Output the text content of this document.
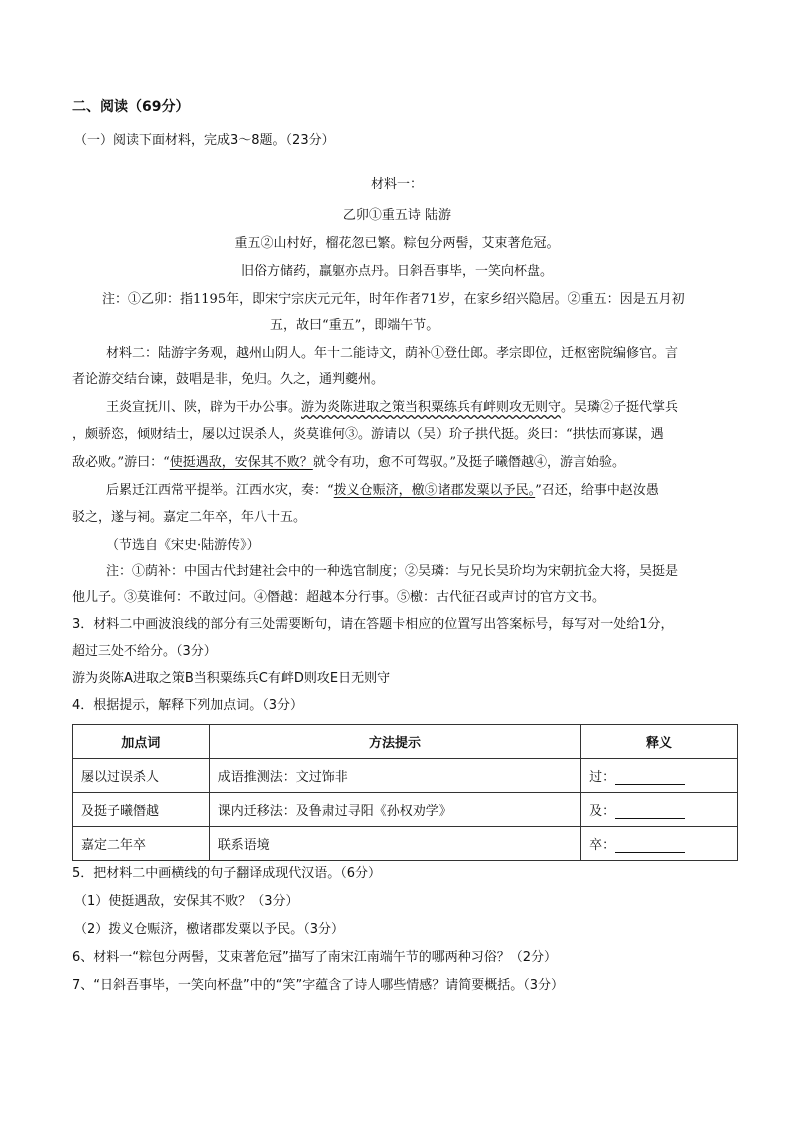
二、阅读（69分）
（一）阅读下面材料，完成3～8题。（23分）
材料一：
乙卯①重五诗 陆游
重五②山村好，榴花忽已繁。粽包分两髻，艾束著危冠。
旧俗方储药，羸躯亦点丹。日斜吾事毕，一笑向杯盘。
注：①乙卯：指1195年，即宋宁宗庆元元年，时年作者71岁，在家乡绍兴隐居。②重五：因是五月初
五，故曰“重五”，即端午节。
材料二：陆游字务观，越州山阴人。年十二能诗文，荫补①登仕郎。孝宗即位，迁枢密院编修官。言
者论游交结台谏，鼓唱是非，免归。久之，通判夔州。
王炎宣抚川、陕，辟为干办公事。游为炎陈进取之策当积粟练兵有衅则攻无则守。吴璘②子挺代掌兵
，颇骄恣，倾财结士，屡以过误杀人，炎莫谁何③。游请以（吴）玠子拱代挺。炎曰：“拱怯而寡谋，遇
敌必败。”游曰：“使挺遇敌，安保其不败？就令有功，愈不可驾驭。”及挺子曦僭越④，游言始验。
后累迁江西常平提举。江西水灾，奏：“拨义仓赈济，檄⑤诸郡发粟以予民。”召还，给事中赵汝愚
驳之，遂与祠。嘉定二年卒，年八十五。
（节选自《宋史·陆游传》）
注：①荫补：中国古代封建社会中的一种选官制度；②吴璘：与兄长吴玠均为宋朝抗金大将，吴挺是
他儿子。③莫谁何：不敢过问。④僭越：超越本分行事。⑤檄：古代征召或声讨的官方文书。
3．材料二中画波浪线的部分有三处需要断句，请在答题卡相应的位置写出答案标号，每写对一处给1分，
超过三处不给分。（3分）
游为炎陈A进取之策B当积粟练兵C有衅D则攻E日无则守
4．根据提示，解释下列加点词。（3分）
加点词	方法提示	释义
屡以过误杀人	成语推测法：文过饰非	过：
及挺子曦僭越	课内迁移法：及鲁肃过寻阳《孙权劝学》	及：
嘉定二年卒	联系语境	卒：
5．把材料二中画横线的句子翻译成现代汉语。（6分）
（1）使挺遇敌，安保其不败？（3分）
（2）拨义仓赈济，檄诸郡发粟以予民。（3分）
6、材料一“粽包分两髻，艾束著危冠”描写了南宋江南端午节的哪两种习俗？（2分）
7、“日斜吾事毕，一笑向杯盘”中的“笑”字蕴含了诗人哪些情感？请简要概括。（3分）
